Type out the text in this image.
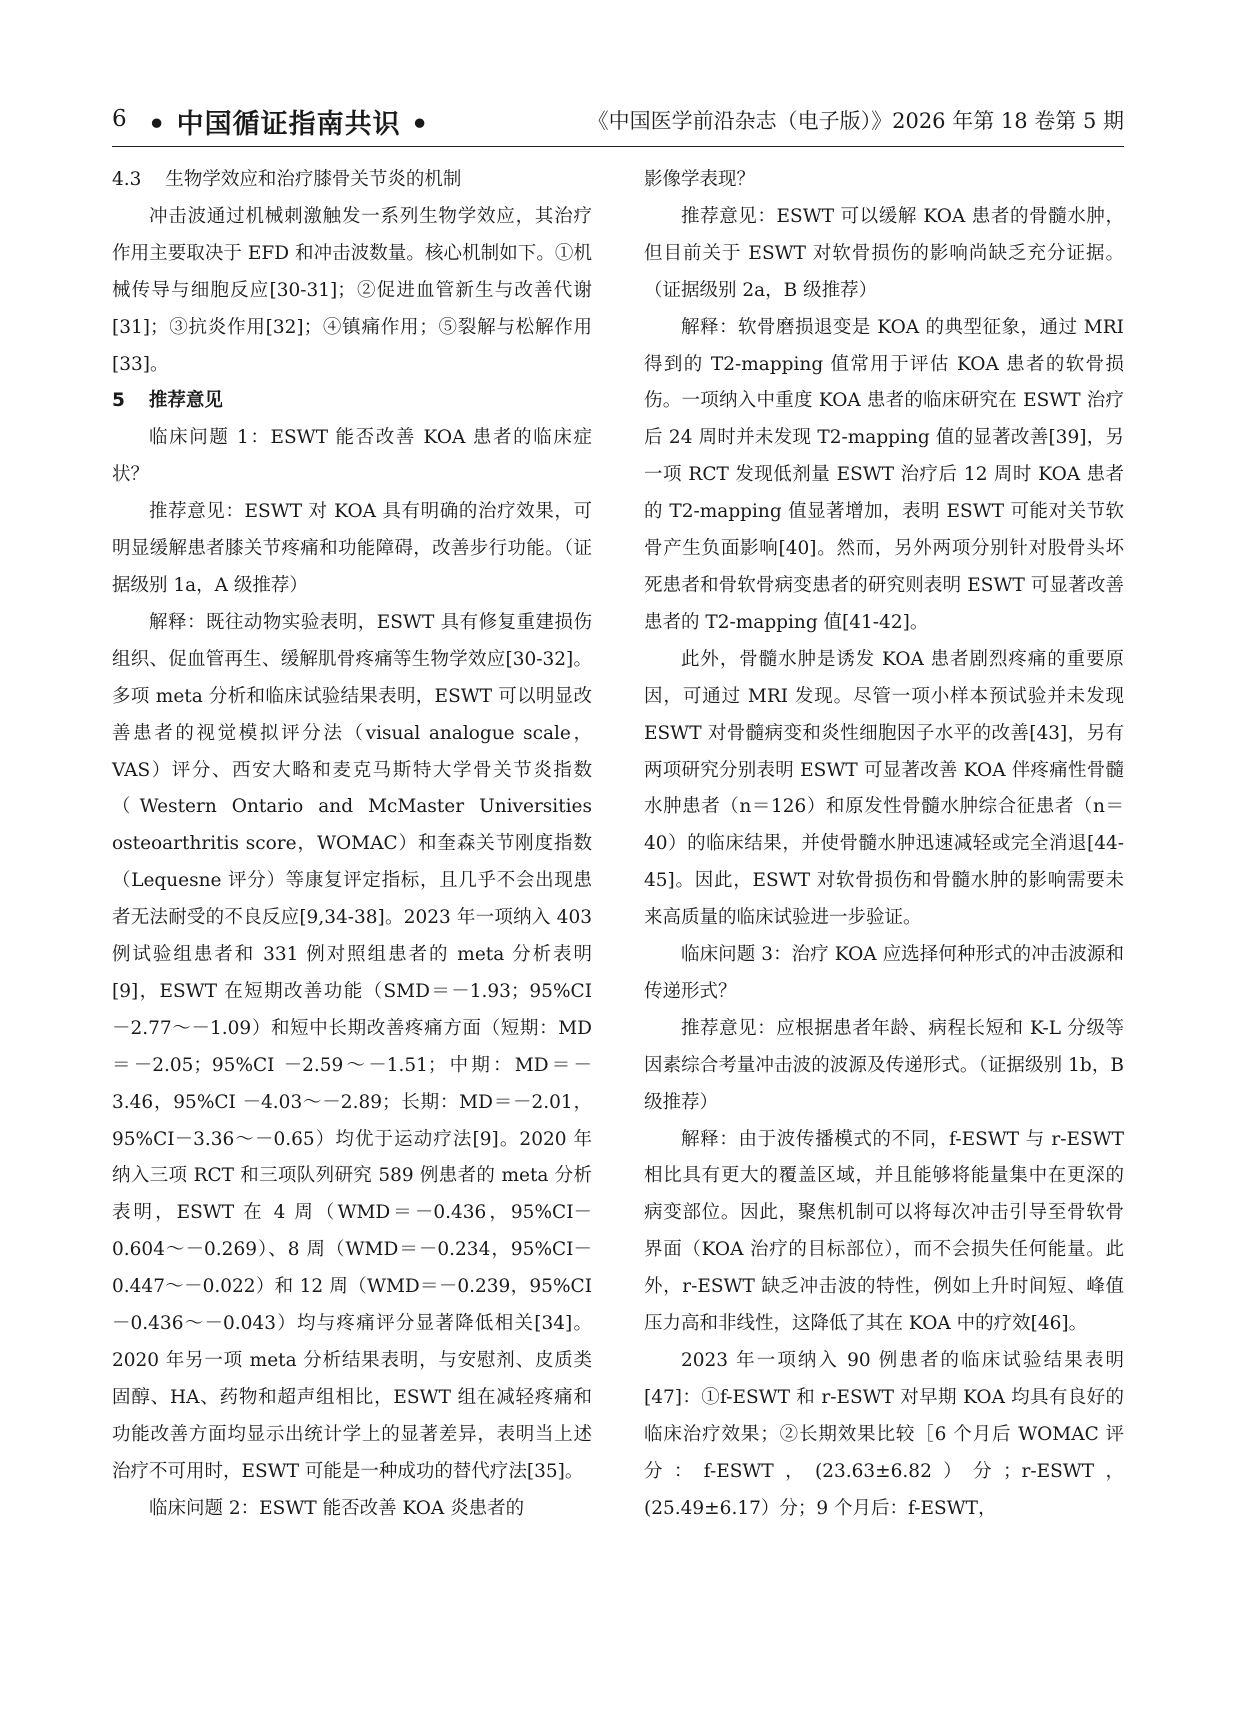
6 • 中国循证指南共识 •	《中国医学前沿杂志（电子版）》2026 年第 18 卷第 5 期
4.3 生物学效应和治疗膝骨关节炎的机制

冲击波通过机械刺激触发一系列生物学效应，其治疗作用主要取决于 EFD 和冲击波数量。核心机制如下。①机械传导与细胞反应[30-31]；②促进血管新生与改善代谢[31]；③抗炎作用[32]；④镇痛作用；⑤裂解与松解作用[33]。

5 推荐意见

临床问题 1：ESWT 能否改善 KOA 患者的临床症状？

推荐意见：ESWT 对 KOA 具有明确的治疗效果，可明显缓解患者膝关节疼痛和功能障碍，改善步行功能。（证据级别 1a，A 级推荐）

解释：既往动物实验表明，ESWT 具有修复重建损伤组织、促血管再生、缓解肌骨疼痛等生物学效应[30-32]。多项 meta 分析和临床试验结果表明，ESWT 可以明显改善患者的视觉模拟评分法（visual analogue scale，VAS）评分、西安大略和麦克马斯特大学骨关节炎指数（Western Ontario and McMaster Universities osteoarthritis score，WOMAC）和奎森关节刚度指数（Lequesne 评分）等康复评定指标，且几乎不会出现患者无法耐受的不良反应[9,34-38]。2023 年一项纳入 403 例试验组患者和 331 例对照组患者的 meta 分析表明[9]，ESWT 在短期改善功能（SMD＝－1.93；95%CI －2.77～－1.09）和短中长期改善疼痛方面（短期：MD＝－2.05；95%CI －2.59～－1.51；中期：MD＝－3.46，95%CI －4.03～－2.89；长期：MD＝－2.01，95%CI－3.36～－0.65）均优于运动疗法[9]。2020 年纳入三项 RCT 和三项队列研究 589 例患者的 meta 分析表明，ESWT 在 4 周（WMD＝－0.436，95%CI－0.604～－0.269）、8 周（WMD＝－0.234，95%CI－0.447～－0.022）和 12 周（WMD＝－0.239，95%CI－0.436～－0.043）均与疼痛评分显著降低相关[34]。2020 年另一项 meta 分析结果表明，与安慰剂、皮质类固醇、HA、药物和超声组相比，ESWT 组在减轻疼痛和功能改善方面均显示出统计学上的显著差异，表明当上述治疗不可用时，ESWT 可能是一种成功的替代疗法[35]。

临床问题 2：ESWT 能否改善 KOA 炎患者的

影像学表现？

推荐意见：ESWT 可以缓解 KOA 患者的骨髓水肿，但目前关于 ESWT 对软骨损伤的影响尚缺乏充分证据。（证据级别 2a，B 级推荐）

解释：软骨磨损退变是 KOA 的典型征象，通过 MRI 得到的 T2-mapping 值常用于评估 KOA 患者的软骨损伤。一项纳入中重度 KOA 患者的临床研究在 ESWT 治疗后 24 周时并未发现 T2-mapping 值的显著改善[39]，另一项 RCT 发现低剂量 ESWT 治疗后 12 周时 KOA 患者的 T2-mapping 值显著增加，表明 ESWT 可能对关节软骨产生负面影响[40]。然而，另外两项分别针对股骨头坏死患者和骨软骨病变患者的研究则表明 ESWT 可显著改善患者的 T2-mapping 值[41-42]。

此外，骨髓水肿是诱发 KOA 患者剧烈疼痛的重要原因，可通过 MRI 发现。尽管一项小样本预试验并未发现 ESWT 对骨髓病变和炎性细胞因子水平的改善[43]，另有两项研究分别表明 ESWT 可显著改善 KOA 伴疼痛性骨髓水肿患者（n＝126）和原发性骨髓水肿综合征患者（n＝40）的临床结果，并使骨髓水肿迅速减轻或完全消退[44-45]。因此，ESWT 对软骨损伤和骨髓水肿的影响需要未来高质量的临床试验进一步验证。

临床问题 3：治疗 KOA 应选择何种形式的冲击波源和传递形式？

推荐意见：应根据患者年龄、病程长短和 K-L 分级等因素综合考量冲击波的波源及传递形式。（证据级别 1b，B 级推荐）

解释：由于波传播模式的不同，f-ESWT 与 r-ESWT 相比具有更大的覆盖区域，并且能够将能量集中在更深的病变部位。因此，聚焦机制可以将每次冲击引导至骨软骨界面（KOA 治疗的目标部位），而不会损失任何能量。此外，r-ESWT 缺乏冲击波的特性，例如上升时间短、峰值压力高和非线性，这降低了其在 KOA 中的疗效[46]。

2023 年一项纳入 90 例患者的临床试验结果表明[47]：①f-ESWT 和 r-ESWT 对早期 KOA 均具有良好的临床治疗效果；②长期效果比较［6 个月后 WOMAC 评分：f-ESWT，(23.63±6.82）分；r-ESWT，(25.49±6.17）分；9 个月后：f-ESWT，
